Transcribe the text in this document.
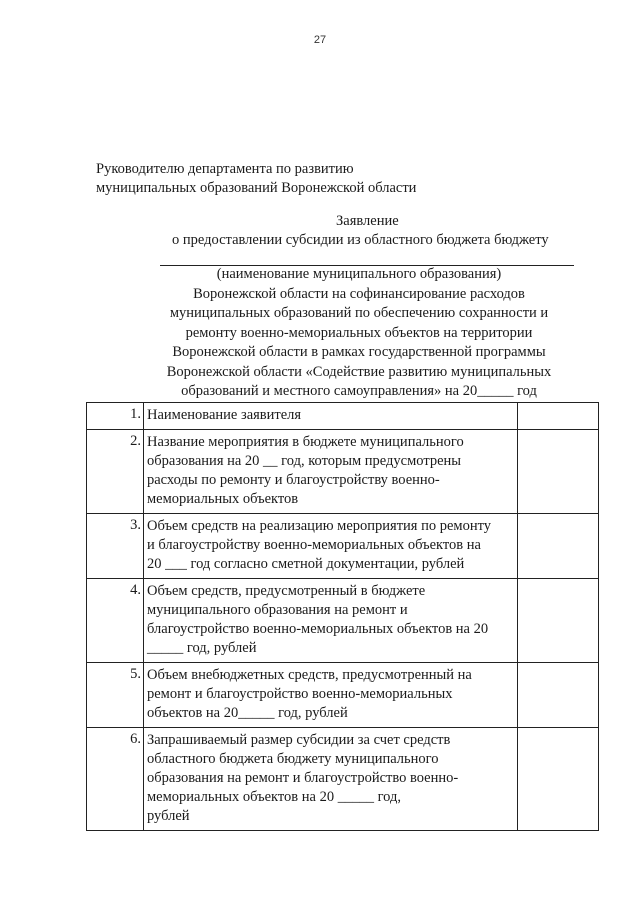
27
Руководителю департамента по развитию
муниципальных образований Воронежской области
Заявление
о предоставлении субсидии из областного бюджета бюджету
(наименование муниципального образования)
Воронежской области на софинансирование расходов
муниципальных образований по обеспечению сохранности и
ремонту военно-мемориальных объектов на территории
Воронежской области в рамках государственной программы
Воронежской области «Содействие развитию муниципальных
образований и местного самоуправления» на 20_____ год
1.	Наименование заявителя	

2.	Название мероприятия в бюджете муниципального
образования на 20 __ год, которым предусмотрены
расходы по ремонту и благоустройству военно-
мемориальных объектов	

3.	Объем средств на реализацию мероприятия по ремонту
и благоустройству военно-мемориальных объектов на
20 ___ год согласно сметной документации, рублей	

4.	Объем средств, предусмотренный в бюджете
муниципального образования на ремонт и
благоустройство военно-мемориальных объектов на 20
_____ год, рублей	

5.	Объем внебюджетных средств, предусмотренный на
ремонт и благоустройство военно-мемориальных
объектов на 20_____ год, рублей	

6.	Запрашиваемый размер субсидии за счет средств
областного бюджета бюджету муниципального
образования на ремонт и благоустройство военно-
мемориальных объектов на 20 _____ год,
рублей	
